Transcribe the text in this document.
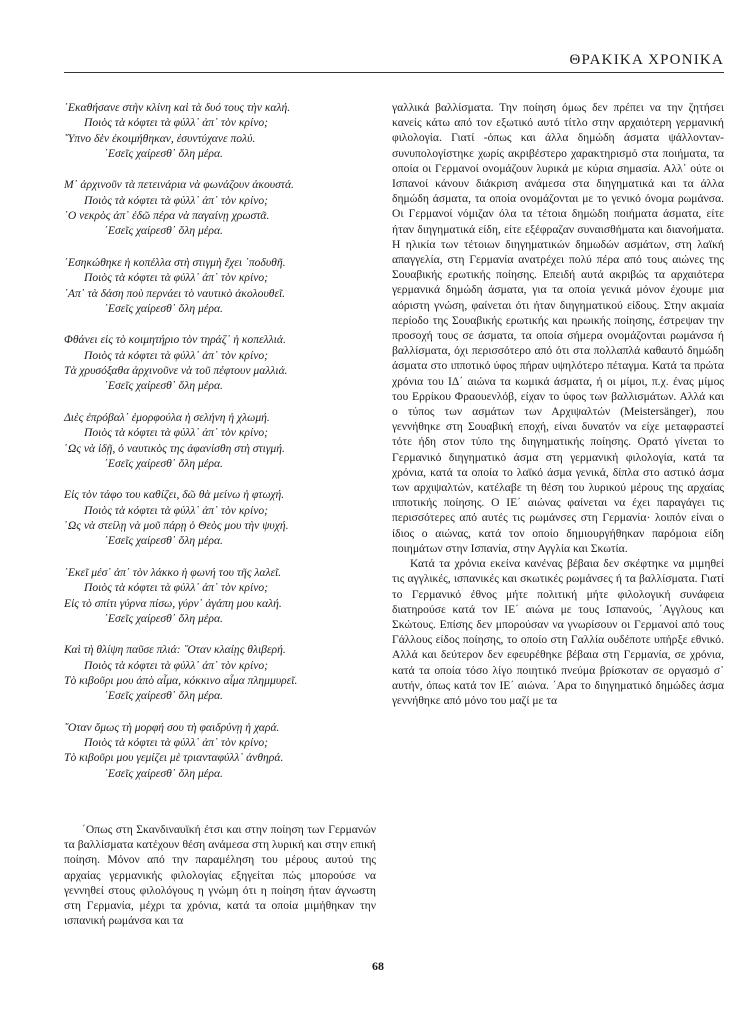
ΘΡΑΚΙΚΑ ΧΡΟΝΙΚΑ
᾿Εκαθήσανε στὴν κλίνη καὶ τὰ δυό τους τὴν καλή.
Ποιὸς τὰ κόφτει τὰ φύλλ᾿ ἀπ᾿ τὸν κρίνο;
῞Υπνο δὲν ἐκοιμήθηκαν, ἐσυντύχανε πολύ.
᾿Εσεῖς χαίρεσθ᾿ ὅλη μέρα.
Μ᾿ ἀρχινοῦν τὰ πετεινάρια νὰ φωνάζουν ἀκουστά.
Ποιὸς τὰ κόφτει τὰ φύλλ᾿ ἀπ᾿ τὸν κρίνο;
᾿Ο νεκρὸς ἀπ᾿ ἐδῶ πέρα νὰ παγαίνῃ χρωστᾶ.
᾿Εσεῖς χαίρεσθ᾿ ὅλη μέρα.
᾿Εσηκώθηκε ἡ κοπέλλα στὴ στιγμὴ ἔχει ᾿ποδυθῆ.
Ποιὸς τὰ κόφτει τὰ φύλλ᾿ ἀπ᾿ τὸν κρίνο;
᾿Απ᾿ τὰ δάση ποὺ περνάει τὸ ναυτικὸ ἀκολουθεῖ.
᾿Εσεῖς χαίρεσθ᾿ ὅλη μέρα.
Φθάνει εἰς τὸ κοιμητήριο τὸν τηράζ᾿ ἡ κοπελλιά.
Ποιὸς τὰ κόφτει τὰ φύλλ᾿ ἀπ᾿ τὸν κρίνο;
Τὰ χρυσόξαθα ἀρχινοῦνε νὰ τοῦ πέφτουν μαλλιά.
᾿Εσεῖς χαίρεσθ᾿ ὅλη μέρα.
Διὲς ἐπρόβαλ᾿ ἐμορφούλα ἡ σελήνη ἡ χλωμή.
Ποιὸς τὰ κόφτει τὰ φύλλ᾿ ἀπ᾿ τὸν κρίνο;
῾Ως νὰ ἰδῇ, ὁ ναυτικὸς της ἀφανίσθη στὴ στιγμή.
᾿Εσεῖς χαίρεσθ᾿ ὅλη μέρα.
Εἰς τὸν τάφο του καθίζει, δῶ θὰ μείνω ἡ φτωχή.
Ποιὸς τὰ κόφτει τὰ φύλλ᾿ ἀπ᾿ τὸν κρίνο;
῾Ως νὰ στείλῃ νὰ μοῦ πάρῃ ὁ Θεὸς μου τὴν ψυχή.
᾿Εσεῖς χαίρεσθ᾿ ὅλη μέρα.
᾿Εκεῖ μέσ᾿ ἀπ᾿ τὸν λάκκο ἡ φωνή του τῆς λαλεῖ.
Ποιὸς τὰ κόφτει τὰ φύλλ᾿ ἀπ᾿ τὸν κρίνο;
Εἰς τὸ σπίτι γύρνα πίσω, γύρν᾿ ἀγάπη μου καλή.
᾿Εσεῖς χαίρεσθ᾿ ὅλη μέρα.
Καὶ τὴ θλίψη παῦσε πλιά: ῞Οταν κλαίῃς θλιβερή.
Ποιὸς τὰ κόφτει τὰ φύλλ᾿ ἀπ᾿ τὸν κρίνο;
Τὸ κιβοῦρι μου ἀπὸ αἷμα, κόκκινο αἷμα πλημμυρεῖ.
᾿Εσεῖς χαίρεσθ᾿ ὅλη μέρα.
῞Οταν ὅμως τὴ μορφή σου τὴ φαιδρύνῃ ἡ χαρά.
Ποιὸς τὰ κόφτει τὰ φύλλ᾿ ἀπ᾿ τὸν κρίνο;
Τὸ κιβοῦρι μου γεμίζει μὲ τριανταφύλλ᾿ ἀνθηρά.
᾿Εσεῖς χαίρεσθ᾿ ὅλη μέρα.

΄Οπως στη Σκανδιναυϊκή έτσι και στην ποίηση των Γερμανών τα βαλλίσματα κατέχουν θέση ανάμεσα στη λυρική και στην επική ποίηση. Μόνον από την παραμέληση του μέρους αυτού της αρχαίας γερμανικής φιλολογίας εξηγείται πώς μπορούσε να γεννηθεί στους φιλολόγους η γνώμη ότι η ποίηση ήταν άγνωστη στη Γερμανία, μέχρι τα χρόνια, κατά τα οποία μιμήθηκαν την ισπανική ρωμάνσα και τα

γαλλικά βαλλίσματα. Την ποίηση όμως δεν πρέπει να την ζητήσει κανείς κάτω από τον εξωτικό αυτό τίτλο στην αρχαιότερη γερμανική φιλολογία. Γιατί -όπως και άλλα δημώδη άσματα ψάλλονταν- συνυπολογίστηκε χωρίς ακριβέστερο χαρακτηρισμό στα ποιήματα, τα οποία οι Γερμανοί ονομάζουν λυρικά με κύρια σημασία. Αλλ᾿ ούτε οι Ισπανοί κάνουν διάκριση ανάμεσα στα διηγηματικά και τα άλλα δημώδη άσματα, τα οποία ονομάζονται με το γενικό όνομα ρωμάνσα. Οι Γερμανοί νόμιζαν όλα τα τέτοια δημώδη ποιήματα άσματα, είτε ήταν διηγηματικά είδη, είτε εξέφραζαν συναισθήματα και διανοήματα. Η ηλικία των τέτοιων διηγηματικών δημωδών ασμάτων, στη λαϊκή απαγγελία, στη Γερμανία ανατρέχει πολύ πέρα από τους αιώνες της Σουαβικής ερωτικής ποίησης. Επειδή αυτά ακριβώς τα αρχαιότερα γερμανικά δημώδη άσματα, για τα οποία γενικά μόνον έχουμε μια αόριστη γνώση, φαίνεται ότι ήταν διηγηματικού είδους. Στην ακμαία περίοδο της Σουαβικής ερωτικής και ηρωικής ποίησης, έστρεψαν την προσοχή τους σε άσματα, τα οποία σήμερα ονομάζονται ρωμάνσα ή βαλλίσματα, όχι περισσότερο από ότι στα πολλαπλά καθαυτό δημώδη άσματα στο ιπποτικό ύφος πήραν υψηλότερο πέταγμα. Κατά τα πρώτα χρόνια του ΙΔ΄ αιώνα τα κωμικά άσματα, ή οι μίμοι, π.χ. ένας μίμος του Ερρίκου Φραουενλόβ, είχαν το ύφος των βαλλισμάτων. Αλλά και ο τύπος των ασμάτων των Αρχιψαλτών (Meistersänger), που γεννήθηκε στη Σουαβική εποχή, είναι δυνατόν να είχε μεταφραστεί τότε ήδη στον τύπο της διηγηματικής ποίησης. Ορατό γίνεται το Γερμανικό διηγηματικό άσμα στη γερμανική φιλολογία, κατά τα χρόνια, κατά τα οποία το λαϊκό άσμα γενικά, δίπλα στο αστικό άσμα των αρχιψαλτών, κατέλαβε τη θέση του λυρικού μέρους της αρχαίας ιπποτικής ποίησης. Ο ΙΕ΄ αιώνας φαίνεται να έχει παραγάγει τις περισσότερες από αυτές τις ρωμάνσες στη Γερμανία· λοιπόν είναι ο ίδιος ο αιώνας, κατά τον οποίο δημιουργήθηκαν παρόμοια είδη ποιημάτων στην Ισπανία, στην Αγγλία και Σκωτία.

Κατά τα χρόνια εκείνα κανένας βέβαια δεν σκέφτηκε να μιμηθεί τις αγγλικές, ισπανικές και σκωτικές ρωμάνσες ή τα βαλλίσματα. Γιατί το Γερμανικό έθνος μήτε πολιτική μήτε φιλολογική συνάφεια διατηρούσε κατά τον ΙΕ΄ αιώνα με τους Ισπανούς, ΄Αγγλους και Σκώτους. Επίσης δεν μπορούσαν να γνωρίσουν οι Γερμανοί από τους Γάλλους είδος ποίησης, το οποίο στη Γαλλία ουδέποτε υπήρξε εθνικό. Αλλά και δεύτερον δεν εφευρέθηκε βέβαια στη Γερμανία, σε χρόνια, κατά τα οποία τόσο λίγο ποιητικό πνεύμα βρίσκοταν σε οργασμό σ᾿ αυτήν, όπως κατά τον ΙΕ΄ αιώνα. ΄Αρα το διηγηματικό δημώδες άσμα γεννήθηκε από μόνο του μαζί με τα

68
